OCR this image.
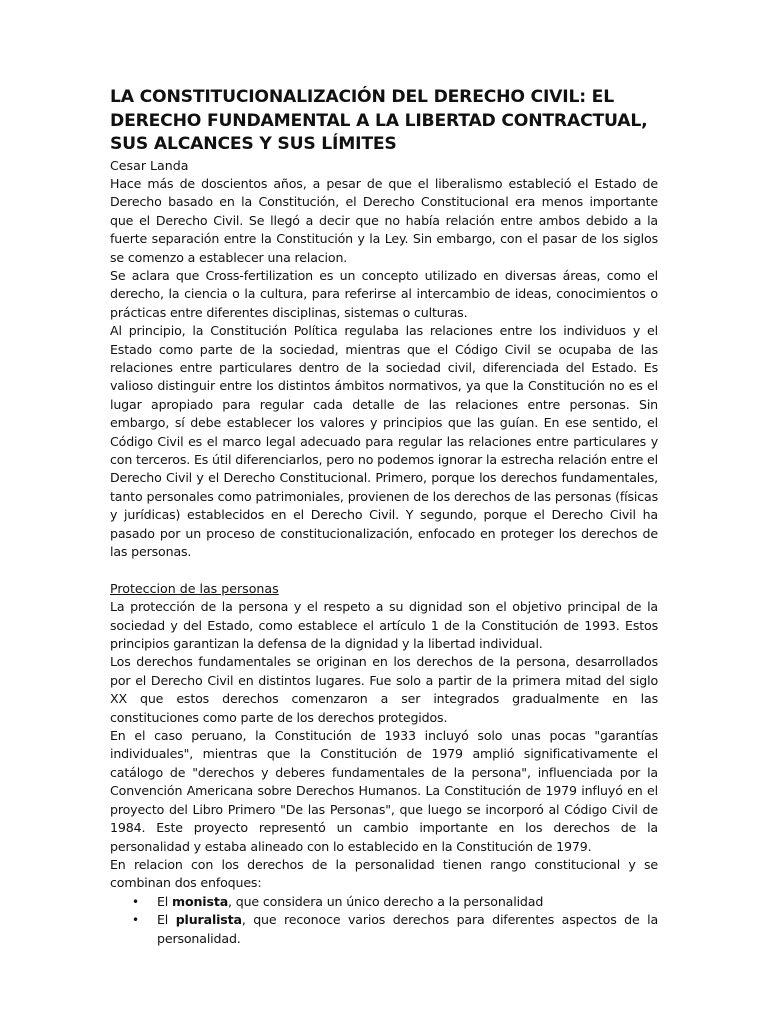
LA CONSTITUCIONALIZACIÓN DEL DERECHO CIVIL: EL DERECHO FUNDAMENTAL A LA LIBERTAD CONTRACTUAL, SUS ALCANCES Y SUS LÍMITES

Cesar Landa

Hace más de doscientos años, a pesar de que el liberalismo estableció el Estado de Derecho basado en la Constitución, el Derecho Constitucional era menos importante que el Derecho Civil. Se llegó a decir que no había relación entre ambos debido a la fuerte separación entre la Constitución y la Ley. Sin embargo, con el pasar de los siglos se comenzo a establecer una relacion.

Se aclara que Cross-fertilization es un concepto utilizado en diversas áreas, como el derecho, la ciencia o la cultura, para referirse al intercambio de ideas, conocimientos o prácticas entre diferentes disciplinas, sistemas o culturas.

Al principio, la Constitución Política regulaba las relaciones entre los individuos y el Estado como parte de la sociedad, mientras que el Código Civil se ocupaba de las relaciones entre particulares dentro de la sociedad civil, diferenciada del Estado. Es valioso distinguir entre los distintos ámbitos normativos, ya que la Constitución no es el lugar apropiado para regular cada detalle de las relaciones entre personas. Sin embargo, sí debe establecer los valores y principios que las guían. En ese sentido, el Código Civil es el marco legal adecuado para regular las relaciones entre particulares y con terceros. Es útil diferenciarlos, pero no podemos ignorar la estrecha relación entre el Derecho Civil y el Derecho Constitucional. Primero, porque los derechos fundamentales, tanto personales como patrimoniales, provienen de los derechos de las personas (físicas y jurídicas) establecidos en el Derecho Civil. Y segundo, porque el Derecho Civil ha pasado por un proceso de constitucionalización, enfocado en proteger los derechos de las personas.

Proteccion de las personas

La protección de la persona y el respeto a su dignidad son el objetivo principal de la sociedad y del Estado, como establece el artículo 1 de la Constitución de 1993. Estos principios garantizan la defensa de la dignidad y la libertad individual.

Los derechos fundamentales se originan en los derechos de la persona, desarrollados por el Derecho Civil en distintos lugares. Fue solo a partir de la primera mitad del siglo XX que estos derechos comenzaron a ser integrados gradualmente en las constituciones como parte de los derechos protegidos.

En el caso peruano, la Constitución de 1933 incluyó solo unas pocas "garantías individuales", mientras que la Constitución de 1979 amplió significativamente el catálogo de "derechos y deberes fundamentales de la persona", influenciada por la Convención Americana sobre Derechos Humanos. La Constitución de 1979 influyó en el proyecto del Libro Primero "De las Personas", que luego se incorporó al Código Civil de 1984. Este proyecto representó un cambio importante en los derechos de la personalidad y estaba alineado con lo establecido en la Constitución de 1979.

En relacion con los derechos de la personalidad tienen rango constitucional y se combinan dos enfoques:

• El monista, que considera un único derecho a la personalidad
• El pluralista, que reconoce varios derechos para diferentes aspectos de la personalidad.
